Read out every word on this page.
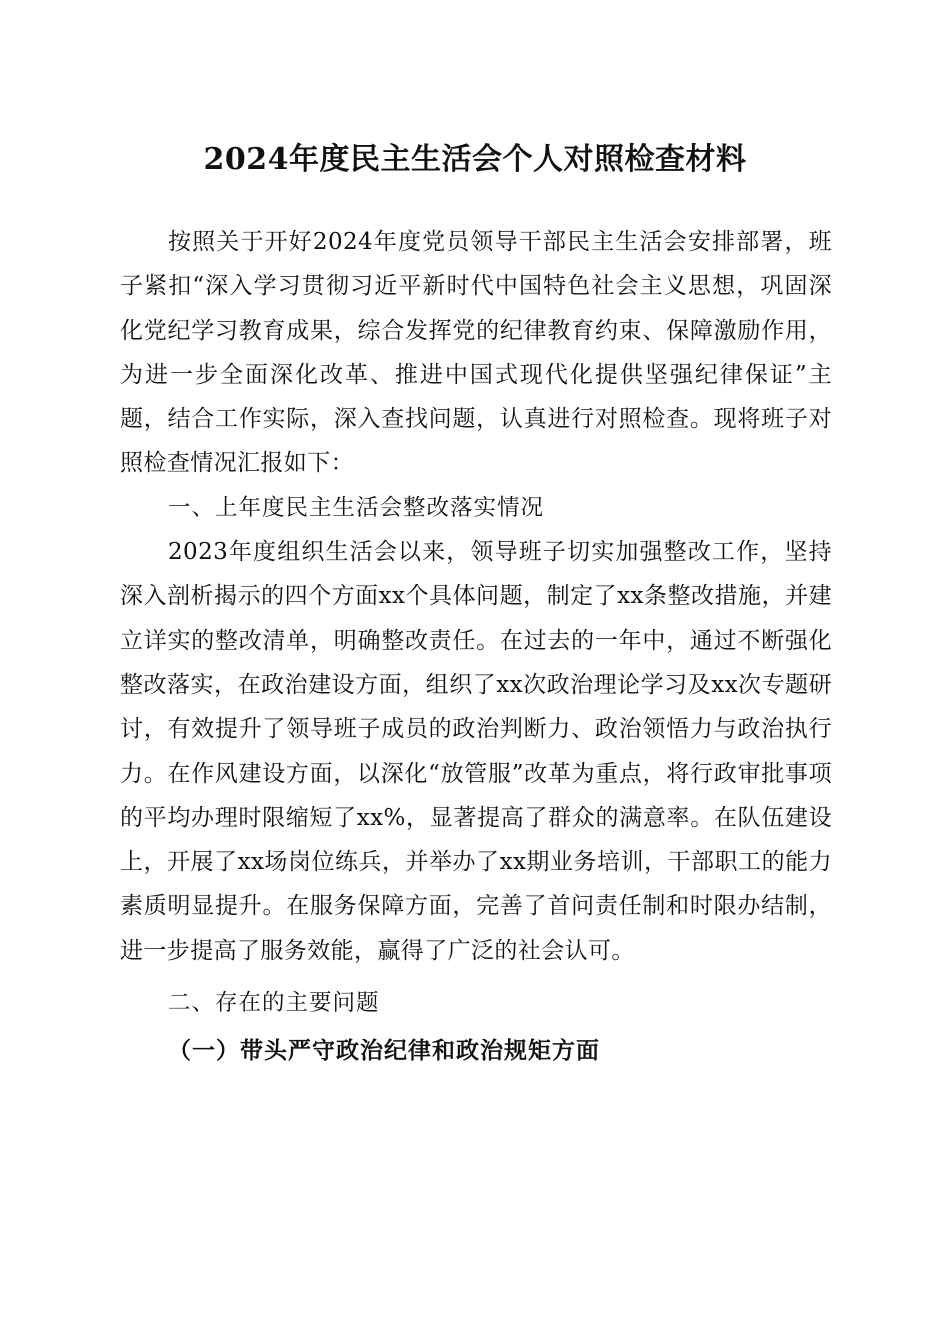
2024年度民主生活会个人对照检查材料

按照关于开好2024年度党员领导干部民主生活会安排部署，班子紧扣“深入学习贯彻习近平新时代中国特色社会主义思想，巩固深化党纪学习教育成果，综合发挥党的纪律教育约束、保障激励作用，为进一步全面深化改革、推进中国式现代化提供坚强纪律保证”主题，结合工作实际，深入查找问题，认真进行对照检查。现将班子对照检查情况汇报如下：

一、上年度民主生活会整改落实情况

2023年度组织生活会以来，领导班子切实加强整改工作，坚持深入剖析揭示的四个方面xx个具体问题，制定了xx条整改措施，并建立详实的整改清单，明确整改责任。在过去的一年中，通过不断强化整改落实，在政治建设方面，组织了xx次政治理论学习及xx次专题研讨，有效提升了领导班子成员的政治判断力、政治领悟力与政治执行力。在作风建设方面，以深化“放管服”改革为重点，将行政审批事项的平均办理时限缩短了xx%，显著提高了群众的满意率。在队伍建设上，开展了xx场岗位练兵，并举办了xx期业务培训，干部职工的能力素质明显提升。在服务保障方面，完善了首问责任制和时限办结制，进一步提高了服务效能，赢得了广泛的社会认可。

二、存在的主要问题

（一）带头严守政治纪律和政治规矩方面
